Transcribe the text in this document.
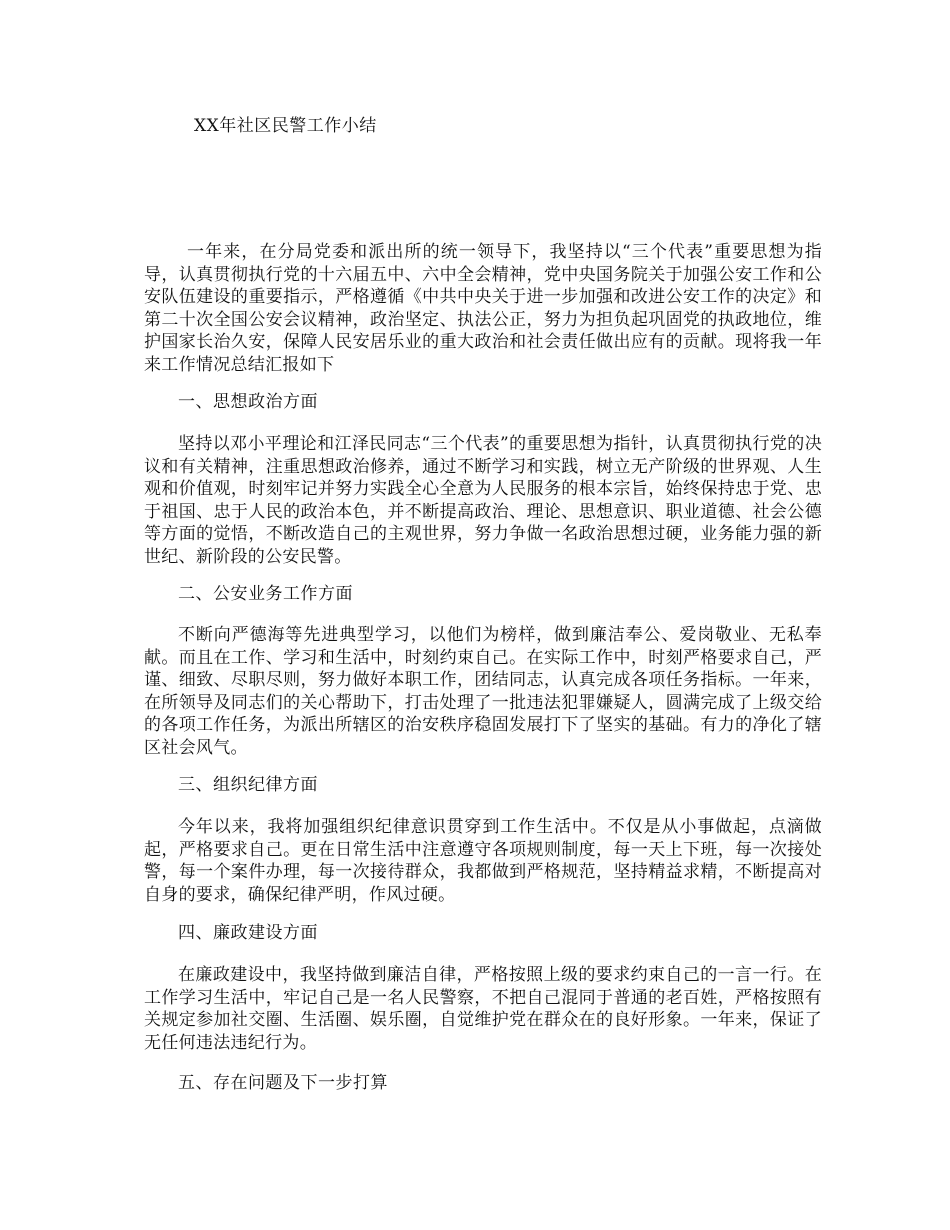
XX年社区民警工作小结

一年来，在分局党委和派出所的统一领导下，我坚持以“三个代表”重要思想为指导，认真贯彻执行党的十六届五中、六中全会精神，党中央国务院关于加强公安工作和公安队伍建设的重要指示，严格遵循《中共中央关于进一步加强和改进公安工作的决定》和第二十次全国公安会议精神，政治坚定、执法公正，努力为担负起巩固党的执政地位，维护国家长治久安，保障人民安居乐业的重大政治和社会责任做出应有的贡献。现将我一年来工作情况总结汇报如下

一、思想政治方面

坚持以邓小平理论和江泽民同志“三个代表”的重要思想为指针，认真贯彻执行党的决议和有关精神，注重思想政治修养，通过不断学习和实践，树立无产阶级的世界观、人生观和价值观，时刻牢记并努力实践全心全意为人民服务的根本宗旨，始终保持忠于党、忠于祖国、忠于人民的政治本色，并不断提高政治、理论、思想意识、职业道德、社会公德等方面的觉悟，不断改造自己的主观世界，努力争做一名政治思想过硬，业务能力强的新世纪、新阶段的公安民警。

二、公安业务工作方面

不断向严德海等先进典型学习，以他们为榜样，做到廉洁奉公、爱岗敬业、无私奉献。而且在工作、学习和生活中，时刻约束自己。在实际工作中，时刻严格要求自己，严谨、细致、尽职尽则，努力做好本职工作，团结同志，认真完成各项任务指标。一年来，在所领导及同志们的关心帮助下，打击处理了一批违法犯罪嫌疑人，圆满完成了上级交给的各项工作任务，为派出所辖区的治安秩序稳固发展打下了坚实的基础。有力的净化了辖区社会风气。

三、组织纪律方面

今年以来，我将加强组织纪律意识贯穿到工作生活中。不仅是从小事做起，点滴做起，严格要求自己。更在日常生活中注意遵守各项规则制度，每一天上下班，每一次接处警，每一个案件办理，每一次接待群众，我都做到严格规范，坚持精益求精，不断提高对自身的要求，确保纪律严明，作风过硬。

四、廉政建设方面

在廉政建设中，我坚持做到廉洁自律，严格按照上级的要求约束自己的一言一行。在工作学习生活中，牢记自己是一名人民警察，不把自己混同于普通的老百姓，严格按照有关规定参加社交圈、生活圈、娱乐圈，自觉维护党在群众在的良好形象。一年来，保证了无任何违法违纪行为。

五、存在问题及下一步打算
